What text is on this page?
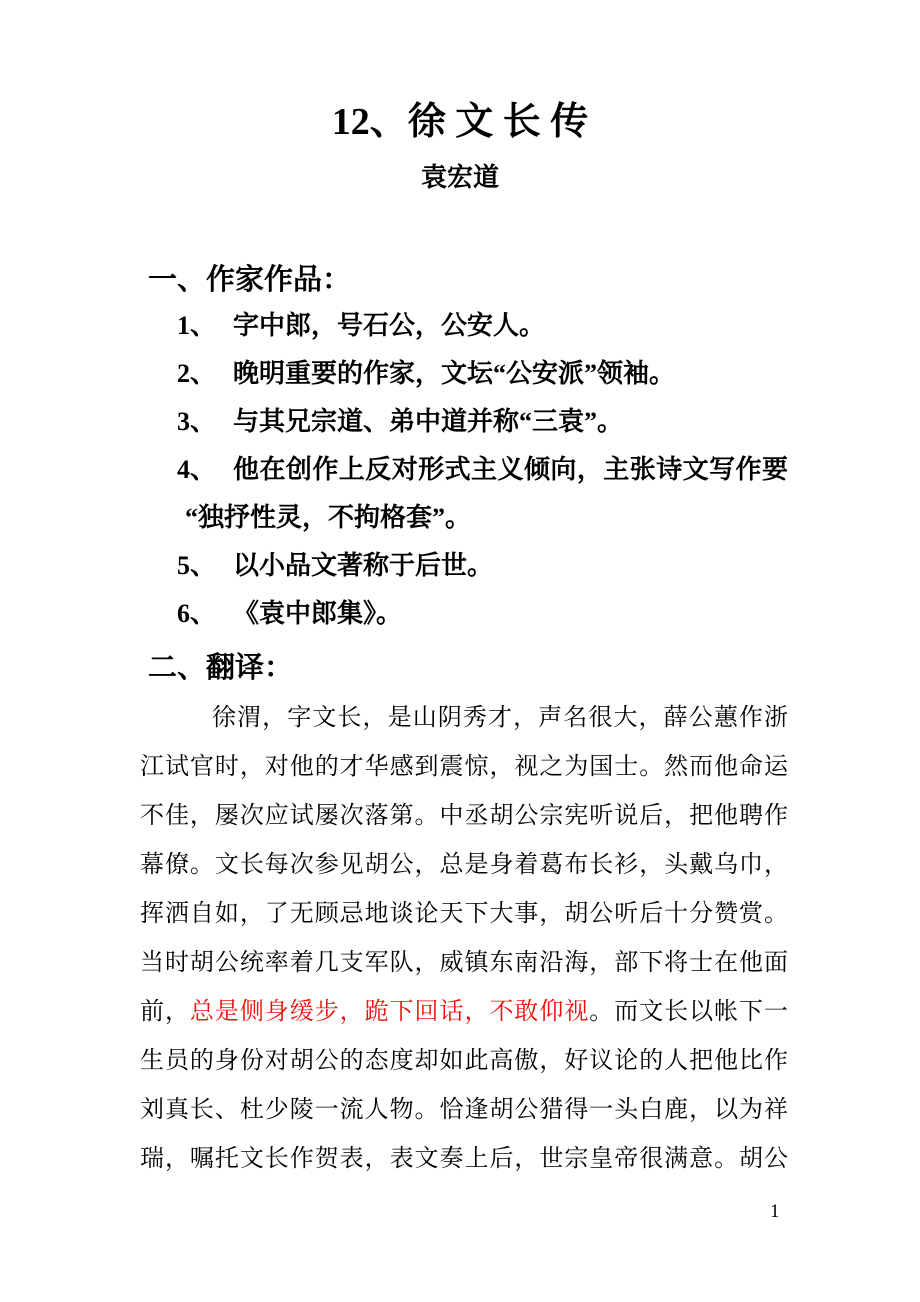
12、徐 文 长 传
袁宏道
一、作家作品：
1、 字中郎，号石公，公安人。
2、 晚明重要的作家，文坛“公安派”领袖。
3、 与其兄宗道、弟中道并称“三袁”。
4、 他在创作上反对形式主义倾向，主张诗文写作要
“独抒性灵，不拘格套”。
5、 以小品文著称于后世。
6、 《袁中郎集》。
二、翻译：
徐渭，字文长，是山阴秀才，声名很大，薛公蕙作浙
江试官时，对他的才华感到震惊，视之为国士。然而他命运
不佳，屡次应试屡次落第。中丞胡公宗宪听说后，把他聘作
幕僚。文长每次参见胡公，总是身着葛布长衫，头戴乌巾，
挥洒自如，了无顾忌地谈论天下大事，胡公听后十分赞赏。
当时胡公统率着几支军队，威镇东南沿海，部下将士在他面
前，总是侧身缓步，跪下回话，不敢仰视。而文长以帐下一
生员的身份对胡公的态度却如此高傲，好议论的人把他比作
刘真长、杜少陵一流人物。恰逢胡公猎得一头白鹿，以为祥
瑞，嘱托文长作贺表，表文奏上后，世宗皇帝很满意。胡公
1
